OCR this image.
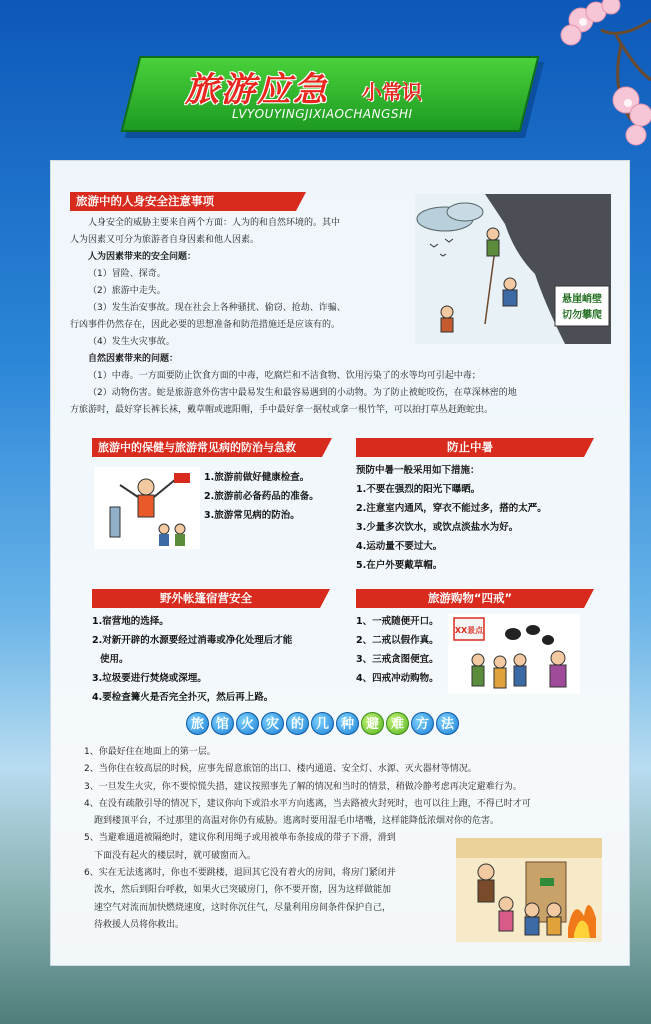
旅游应急 小常识
LVYOUYINGJIXIAOCHANGSHI
旅游中的人身安全注意事项

人身安全的威胁主要来自两个方面：人为的和自然环境的。其中

人为因素又可分为旅游者自身因素和他人因素。

人为因素带来的安全问题：

（1）冒险、探奇。

（2）旅游中走失。

（3）发生治安事故。现在社会上各种骚扰、偷窃、抢劫、诈骗、

行凶事件仍然存在，因此必要的思想准备和防范措施还是应该有的。

（4）发生火灾事故。

自然因素带来的问题：

（1）中毒。一方面要防止饮食方面的中毒，吃腐烂和不洁食物、饮用污染了的水等均可引起中毒；

（2）动物伤害。蛇是旅游意外伤害中最易发生和最容易遇到的小动物。为了防止被蛇咬伤，在草深林密的地

方旅游时，最好穿长裤长袜，戴草帽或遮阳帽，手中最好拿一据杖或拿一根竹竿，可以拍打草丛赶跑蛇虫。

悬崖峭壁
切勿攀爬
旅游中的保健与旅游常见病的防治与急救

1.旅游前做好健康检查。

2.旅游前必备药品的准备。

3.旅游常见病的防治。

防止中暑

预防中暑一般采用如下措施：

1.不要在强烈的阳光下曝晒。

2.注意室内通风，穿衣不能过多，搭的太严。

3.少量多次饮水，或饮点淡盐水为好。

4.运动量不要过大。

5.在户外要戴草帽。

野外帐篷宿营安全

1.宿营地的选择。

2.对新开辟的水源要经过消毒或净化处理后才能

使用。

3.垃圾要进行焚烧或深埋。

4.要检查篝火是否完全扑灭，然后再上路。

旅游购物“四戒”

1、一戒随便开口。

2、二戒以假作真。

3、三戒贪图便宜。

4、四戒冲动购物。

XX景点
旅 馆 火 灾 的 几 种 避 难 方 法

1、你最好住在地面上的第一层。

2、当你住在较高层的时候，应事先留意旅馆的出口、楼内通道、安全灯、水源、灭火器材等情况。

3、一旦发生火灾，你不要惊慌失措，建议按照事先了解的情况和当时的情景，稍做冷静考虑再决定避难行为。

4、在没有疏散引导的情况下，建议你向下或沿水平方向逃离，当去路被火封死时，也可以往上跑，不得已时才可

跑到楼顶平台，不过那里的高温对你仍有威胁。逃离时要用湿毛巾堵嘴，这样能降低浓烟对你的危害。

5、当避难通道被隔绝时，建议你利用绳子或用被单布条接成的带子下滑，滑到

下面没有起火的楼层时，就可破窗而入。

6、实在无法逃离时，你也不要跳楼，退回其它没有着火的房间，将房门紧闭并

泼水，然后到阳台呼救，如果火已突破房门，你不要开窗，因为这样做能加

速空气对流而加快燃烧速度，这时你沉住气，尽量利用房间条件保护自己，

待救援人员将你救出。
